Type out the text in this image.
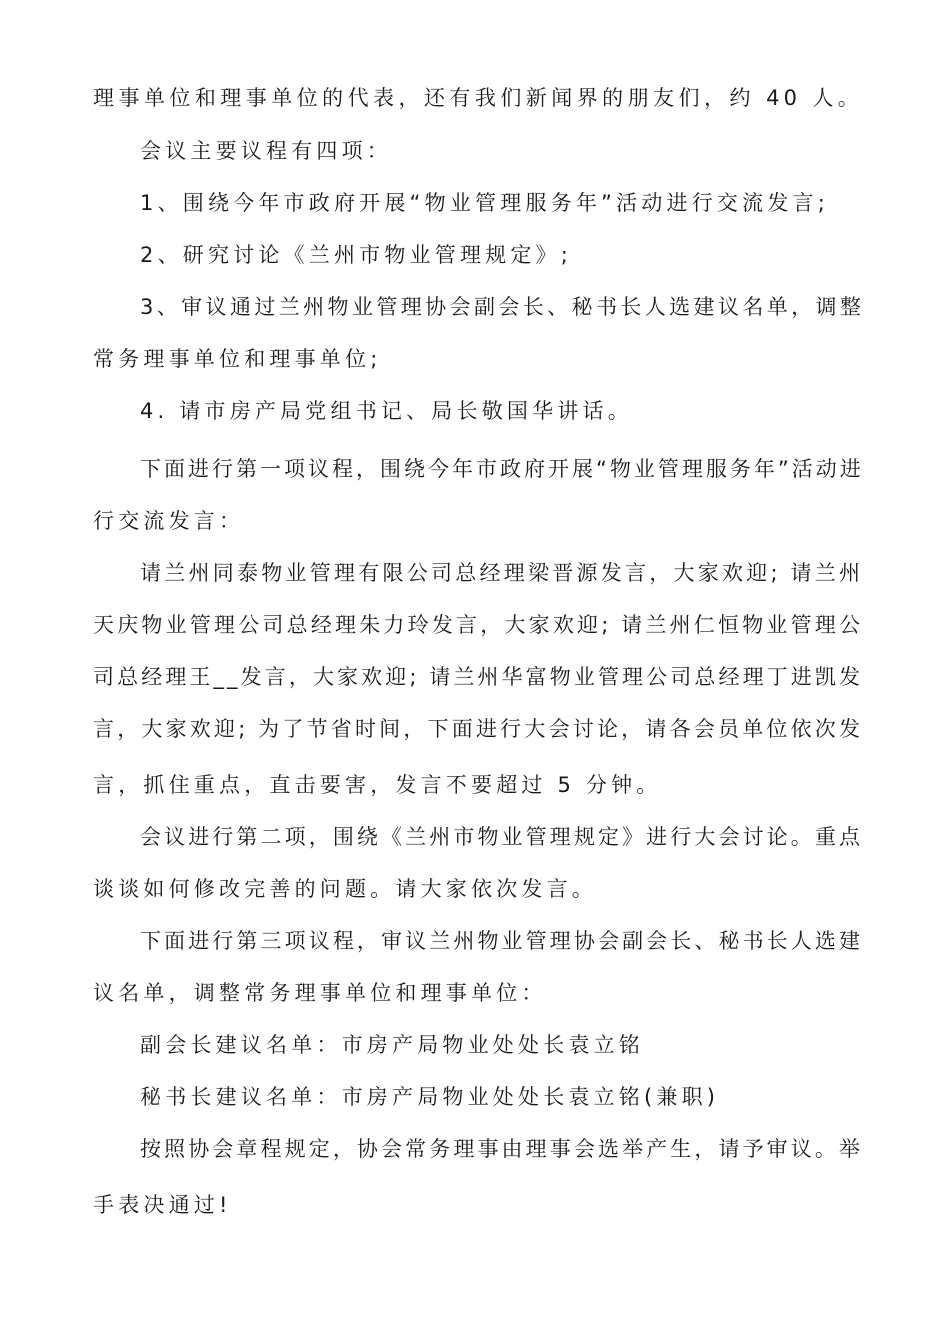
理事单位和理事单位的代表，还有我们新闻界的朋友们，约 40 人。
会议主要议程有四项：
1、围绕今年市政府开展“物业管理服务年”活动进行交流发言;
2、研究讨论《兰州市物业管理规定》;
3、审议通过兰州物业管理协会副会长、秘书长人选建议名单，调整
常务理事单位和理事单位;
4. 请市房产局党组书记、局长敬国华讲话。
下面进行第一项议程，围绕今年市政府开展“物业管理服务年”活动进
行交流发言：
请兰州同泰物业管理有限公司总经理梁晋源发言，大家欢迎; 请兰州
天庆物业管理公司总经理朱力玲发言，大家欢迎; 请兰州仁恒物业管理公
司总经理王__发言，大家欢迎; 请兰州华富物业管理公司总经理丁进凯发
言，大家欢迎; 为了节省时间，下面进行大会讨论，请各会员单位依次发
言，抓住重点，直击要害，发言不要超过 5 分钟。
会议进行第二项，围绕《兰州市物业管理规定》进行大会讨论。重点
谈谈如何修改完善的问题。请大家依次发言。
下面进行第三项议程，审议兰州物业管理协会副会长、秘书长人选建
议名单，调整常务理事单位和理事单位：
副会长建议名单：市房产局物业处处长袁立铭
秘书长建议名单：市房产局物业处处长袁立铭(兼职)
按照协会章程规定，协会常务理事由理事会选举产生，请予审议。举
手表决通过!
